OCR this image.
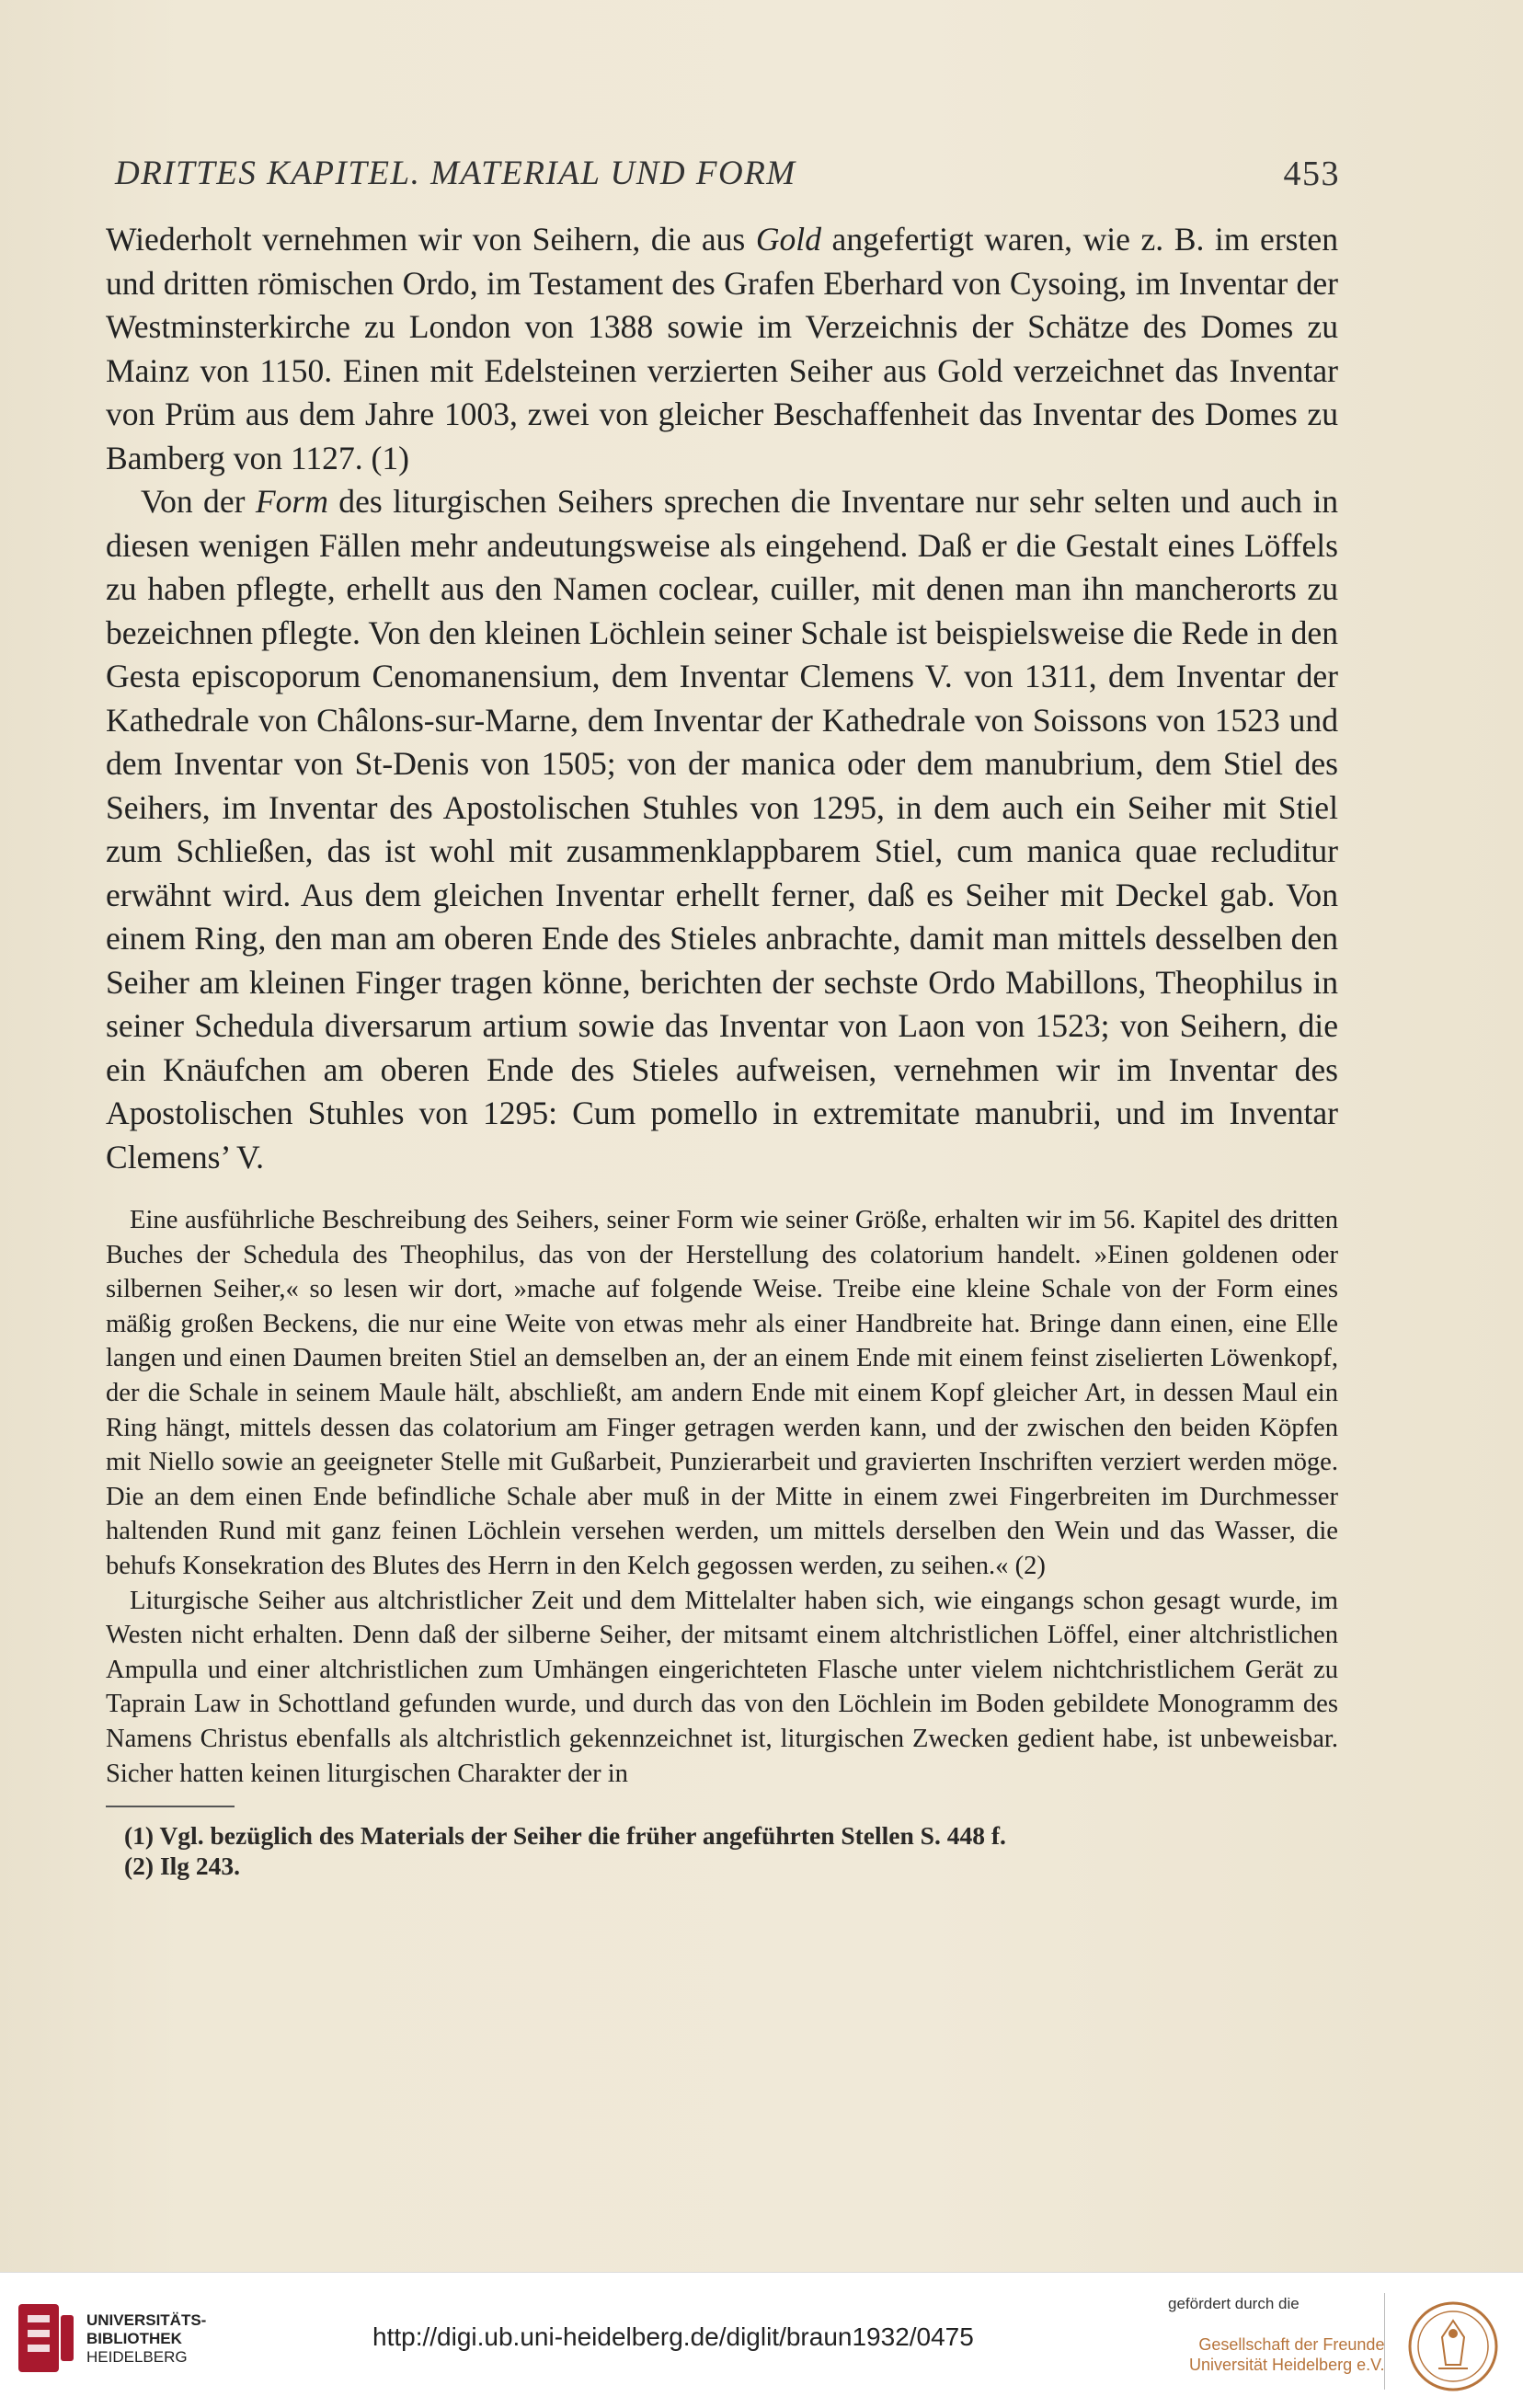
DRITTES KAPITEL. MATERIAL UND FORM	453

Wiederholt vernehmen wir von Seihern, die aus Gold angefertigt waren, wie z. B. im ersten und dritten römischen Ordo, im Testament des Grafen Eberhard von Cysoing, im Inventar der Westminsterkirche zu London von 1388 sowie im Verzeichnis der Schätze des Domes zu Mainz von 1150. Einen mit Edelsteinen verzierten Seiher aus Gold verzeichnet das Inventar von Prüm aus dem Jahre 1003, zwei von gleicher Beschaffenheit das Inventar des Domes zu Bamberg von 1127. (1)

Von der Form des liturgischen Seihers sprechen die Inventare nur sehr selten und auch in diesen wenigen Fällen mehr andeutungsweise als eingehend. Daß er die Gestalt eines Löffels zu haben pflegte, erhellt aus den Namen coclear, cuiller, mit denen man ihn mancherorts zu bezeichnen pflegte. Von den kleinen Löchlein seiner Schale ist beispielsweise die Rede in den Gesta episcoporum Cenomanensium, dem Inventar Clemens V. von 1311, dem Inventar der Kathedrale von Châlons-sur-Marne, dem Inventar der Kathedrale von Soissons von 1523 und dem Inventar von St-Denis von 1505; von der manica oder dem manubrium, dem Stiel des Seihers, im Inventar des Apostolischen Stuhles von 1295, in dem auch ein Seiher mit Stiel zum Schließen, das ist wohl mit zusammenklappbarem Stiel, cum manica quae recluditur erwähnt wird. Aus dem gleichen Inventar erhellt ferner, daß es Seiher mit Deckel gab. Von einem Ring, den man am oberen Ende des Stieles anbrachte, damit man mittels desselben den Seiher am kleinen Finger tragen könne, berichten der sechste Ordo Mabillons, Theophilus in seiner Schedula diversarum artium sowie das Inventar von Laon von 1523; von Seihern, die ein Knäufchen am oberen Ende des Stieles aufweisen, vernehmen wir im Inventar des Apostolischen Stuhles von 1295: Cum pomello in extremitate manubrii, und im Inventar Clemens’ V.

Eine ausführliche Beschreibung des Seihers, seiner Form wie seiner Größe, erhalten wir im 56. Kapitel des dritten Buches der Schedula des Theophilus, das von der Herstellung des colatorium handelt. »Einen goldenen oder silbernen Seiher,« so lesen wir dort, »mache auf folgende Weise. Treibe eine kleine Schale von der Form eines mäßig großen Beckens, die nur eine Weite von etwas mehr als einer Handbreite hat. Bringe dann einen, eine Elle langen und einen Daumen breiten Stiel an demselben an, der an einem Ende mit einem feinst ziselierten Löwenkopf, der die Schale in seinem Maule hält, abschließt, am andern Ende mit einem Kopf gleicher Art, in dessen Maul ein Ring hängt, mittels dessen das colatorium am Finger getragen werden kann, und der zwischen den beiden Köpfen mit Niello sowie an geeigneter Stelle mit Gußarbeit, Punzierarbeit und gravierten Inschriften verziert werden möge. Die an dem einen Ende befindliche Schale aber muß in der Mitte in einem zwei Fingerbreiten im Durchmesser haltenden Rund mit ganz feinen Löchlein versehen werden, um mittels derselben den Wein und das Wasser, die behufs Konsekration des Blutes des Herrn in den Kelch gegossen werden, zu seihen.« (2)

Liturgische Seiher aus altchristlicher Zeit und dem Mittelalter haben sich, wie eingangs schon gesagt wurde, im Westen nicht erhalten. Denn daß der silberne Seiher, der mitsamt einem altchristlichen Löffel, einer altchristlichen Ampulla und einer altchristlichen zum Umhängen eingerichteten Flasche unter vielem nichtchristlichem Gerät zu Taprain Law in Schottland gefunden wurde, und durch das von den Löchlein im Boden gebildete Monogramm des Namens Christus ebenfalls als altchristlich gekennzeichnet ist, liturgischen Zwecken gedient habe, ist unbeweisbar. Sicher hatten keinen liturgischen Charakter der in

(1) Vgl. bezüglich des Materials der Seiher die früher angeführten Stellen S. 448 f.
(2) Ilg 243.
UNIVERSITÄTS-
BIBLIOTHEK
HEIDELBERG
http://digi.ub.uni-heidelberg.de/diglit/braun1932/0475
gefördert durch die
Gesellschaft der Freunde
Universität Heidelberg e.V.
